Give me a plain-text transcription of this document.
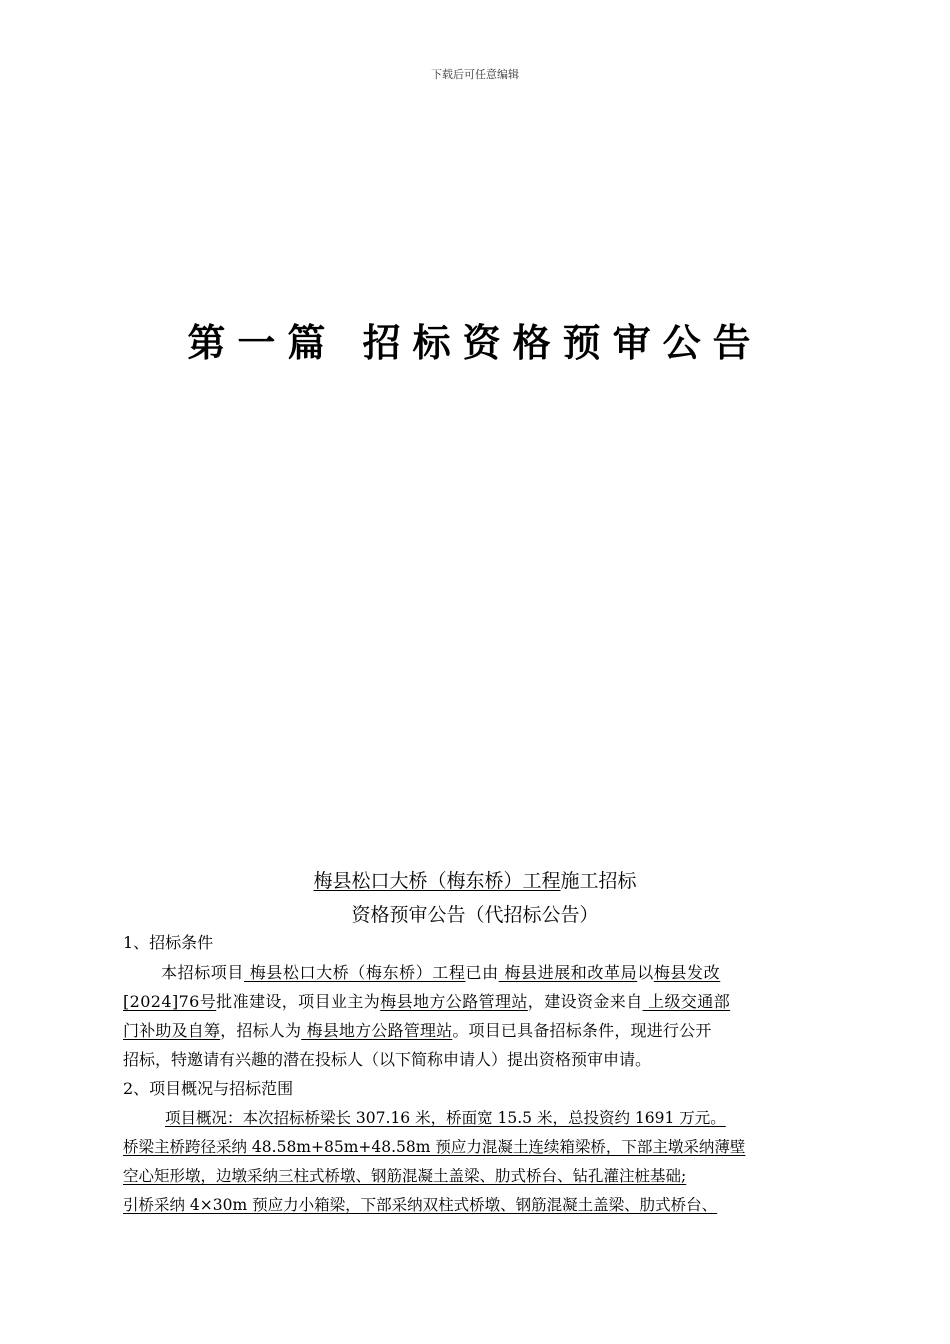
下载后可任意编辑
第一篇 招标资格预审公告
梅县松口大桥（梅东桥）工程施工招标
资格预审公告（代招标公告）
1、招标条件
本招标项目 梅县松口大桥（梅东桥）工程已由 梅县进展和改革局以梅县发改
[2024]76号批准建设，项目业主为梅县地方公路管理站，建设资金来自 上级交通部
门补助及自筹，招标人为 梅县地方公路管理站。项目已具备招标条件，现进行公开
招标，特邀请有兴趣的潜在投标人（以下简称申请人）提出资格预审申请。
2、项目概况与招标范围
项目概况：本次招标桥梁长 307.16 米，桥面宽 15.5 米，总投资约 1691 万元。
桥梁主桥跨径采纳 48.58m+85m+48.58m 预应力混凝土连续箱梁桥，下部主墩采纳薄壁
空心矩形墩，边墩采纳三柱式桥墩、钢筋混凝土盖梁、肋式桥台、钻孔灌注桩基础;
引桥采纳 4×30m 预应力小箱梁，下部采纳双柱式桥墩、钢筋混凝土盖梁、肋式桥台、
